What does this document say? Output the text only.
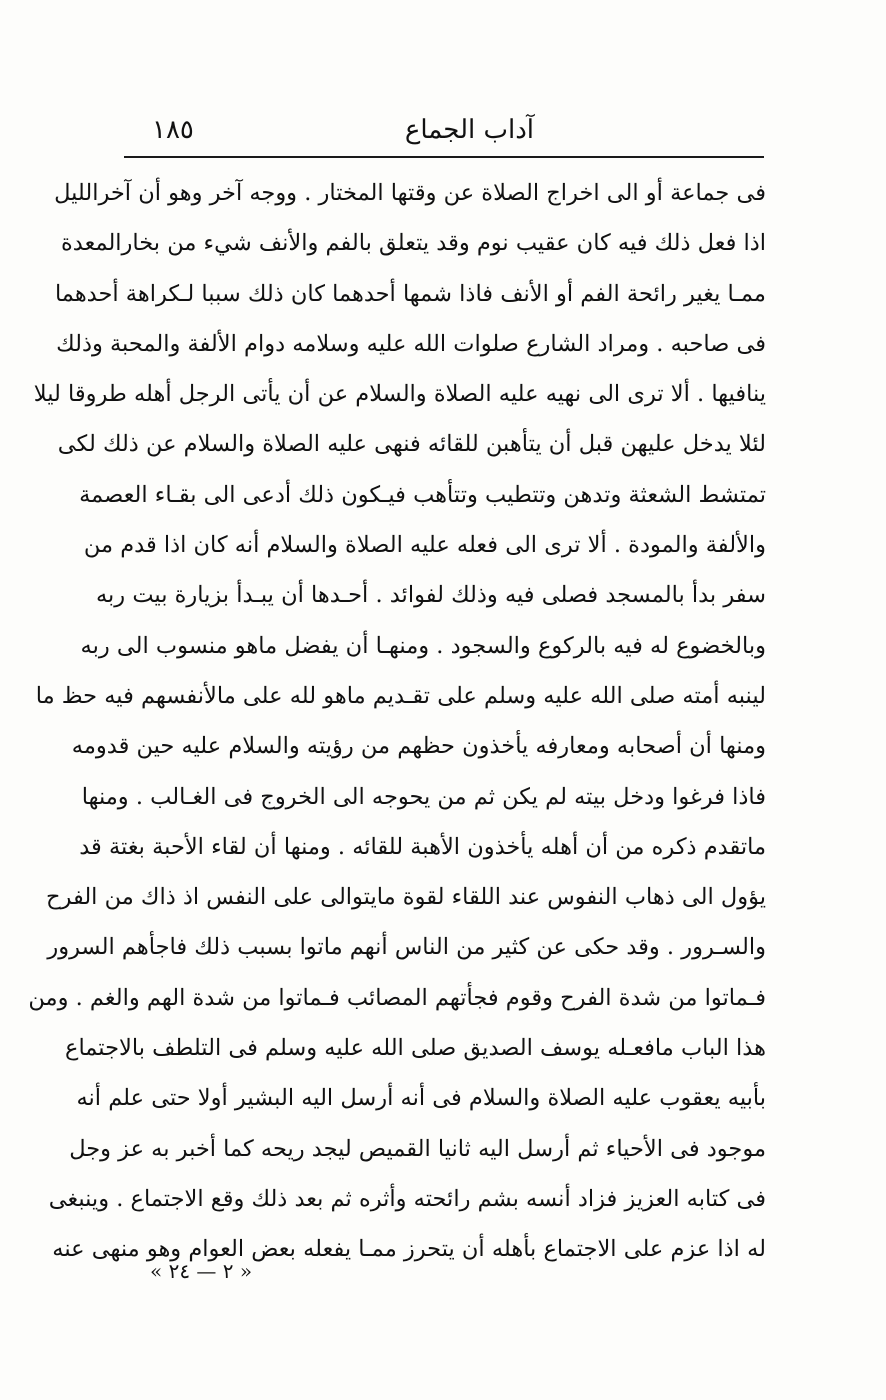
آداب الجماع
١٨٥
فى جماعة أو الى اخراج الصلاة عن وقتها المختار . ووجه آخر وهو أن آخرالليل
اذا فعل ذلك فيه كان عقيب نوم وقد يتعلق بالفم والأنف شيء من بخارالمعدة
ممـا يغير رائحة الفم أو الأنف فاذا شمها أحدهما كان ذلك سببا لـكراهة أحدهما
فى صاحبه . ومراد الشارع صلوات الله عليه وسلامه دوام الألفة والمحبة وذلك
ينافيها . ألا ترى الى نهيه عليه الصلاة والسلام عن أن يأتى الرجل أهله طروقا ليلا
لئلا يدخل عليهن قبل أن يتأهبن للقائه فنهى عليه الصلاة والسلام عن ذلك لكى
تمتشط الشعثة وتدهن وتتطيب وتتأهب فيـكون ذلك أدعى الى بقـاء العصمة
والألفة والمودة . ألا ترى الى فعله عليه الصلاة والسلام أنه كان اذا قدم من
سفر بدأ بالمسجد فصلى فيه وذلك لفوائد . أحـدها أن يبـدأ بزيارة بيت ربه
وبالخضوع له فيه بالركوع والسجود . ومنهـا أن يفضل ماهو منسوب الى ربه
لينبه أمته صلى الله عليه وسلم على تقـديم ماهو لله على مالأنفسهم فيه حظ ما
ومنها أن أصحابه ومعارفه يأخذون حظهم من رؤيته والسلام عليه حين قدومه
فاذا فرغوا ودخل بيته لم يكن ثم من يحوجه الى الخروج فى الغـالب . ومنها
ماتقدم ذكره من أن أهله يأخذون الأهبة للقائه . ومنها أن لقاء الأحبة بغتة قد
يؤول الى ذهاب النفوس عند اللقاء لقوة مايتوالى على النفس اذ ذاك من الفرح
والسـرور . وقد حكى عن كثير من الناس أنهم ماتوا بسبب ذلك فاجأهم السرور
فـماتوا من شدة الفرح وقوم فجأتهم المصائب فـماتوا من شدة الهم والغم . ومن
هذا الباب مافعـله يوسف الصديق صلى الله عليه وسلم فى التلطف بالاجتماع
بأبيه يعقوب عليه الصلاة والسلام فى أنه أرسل اليه البشير أولا حتى علم أنه
موجود فى الأحياء ثم أرسل اليه ثانيا القميص ليجد ريحه كما أخبر به عز وجل
فى كتابه العزيز فزاد أنسه بشم رائحته وأثره ثم بعد ذلك وقع الاجتماع . وينبغى
له اذا عزم على الاجتماع بأهله أن يتحرز ممـا يفعله بعض العوام وهو منهى عنه
« ٢ — ٢٤ »
